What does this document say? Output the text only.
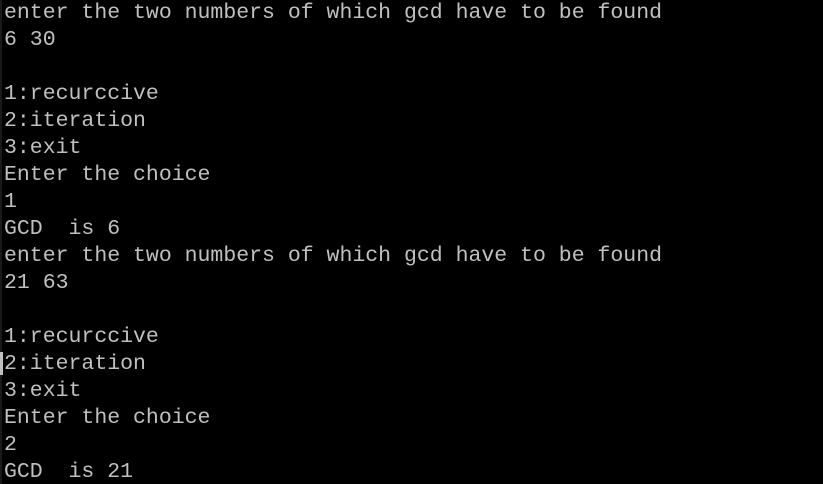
enter the two numbers of which gcd have to be found
6 30
1:recurccive
2:iteration
3:exit
Enter the choice
1
GCD  is 6
enter the two numbers of which gcd have to be found
21 63
1:recurccive
2:iteration
3:exit
Enter the choice
2
GCD  is 21
